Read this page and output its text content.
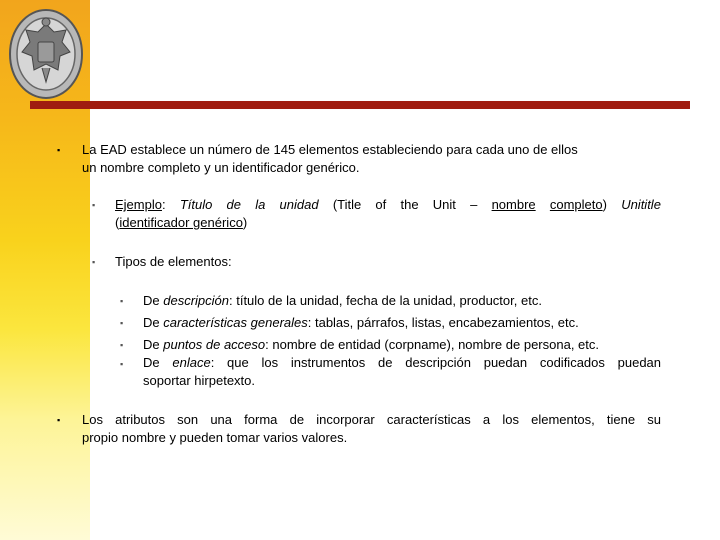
▪ La EAD establece un número de 145 elementos estableciendo para cada uno de ellos
un nombre completo y un identificador genérico.
▪ Ejemplo: Título de la unidad (Title of the Unit – nombre completo) Unititle
(identificador genérico)
▪ Tipos de elementos:
▪ De descripción: título de la unidad, fecha de la unidad, productor, etc.
▪ De características generales: tablas, párrafos, listas, encabezamientos, etc.
▪ De puntos de acceso: nombre de entidad (corpname), nombre de persona, etc.
▪ De enlace: que los instrumentos de descripción puedan codificados puedan
soportar hirpetexto.
▪ Los atributos son una forma de incorporar características a los elementos, tiene su
propio nombre y pueden tomar varios valores.
